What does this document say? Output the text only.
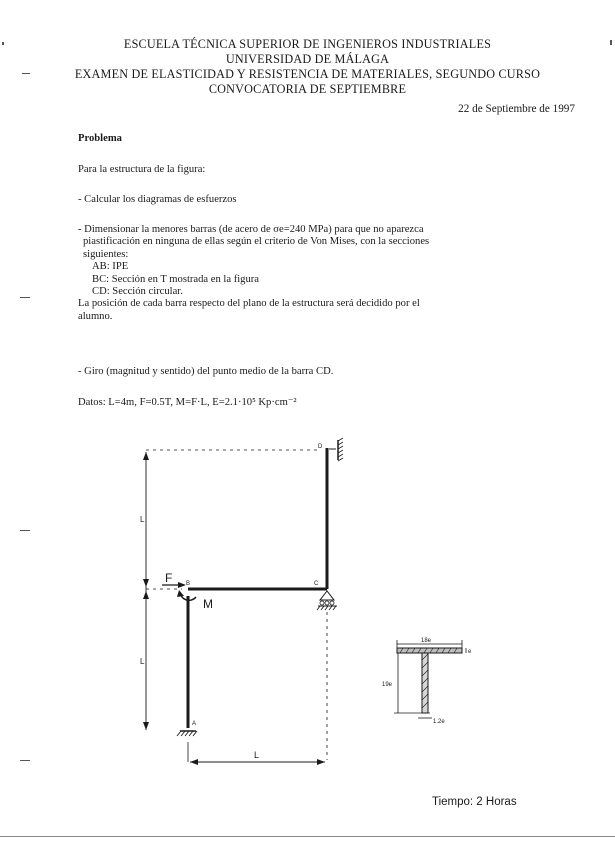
ESCUELA TÉCNICA SUPERIOR DE INGENIEROS INDUSTRIALES
UNIVERSIDAD DE MÁLAGA
EXAMEN DE ELASTICIDAD Y RESISTENCIA DE MATERIALES, SEGUNDO CURSO
CONVOCATORIA DE SEPTIEMBRE
22 de Septiembre de 1997
Problema
Para la estructura de la figura:
- Calcular los diagramas de esfuerzos

- Dimensionar la menores barras (de acero de σe=240 MPa) para que no aparezca

piastificación en ninguna de ellas según el criterio de Von Mises, con la secciones

siguientes:

AB: IPE

BC: Sección en T mostrada en la figura

CD: Sección circular.

La posición de cada barra respecto del plano de la estructura será decidido por el

alumno.

- Giro (magnitud y sentido) del punto medio de la barra CD.
Datos: L=4m, F=0.5T, M=F·L, E=2.1·10⁵ Kp·cm⁻²
F
M
A
B	C
D
L
L
L
18e
e
19e
1.2e
Tiempo: 2 Horas
